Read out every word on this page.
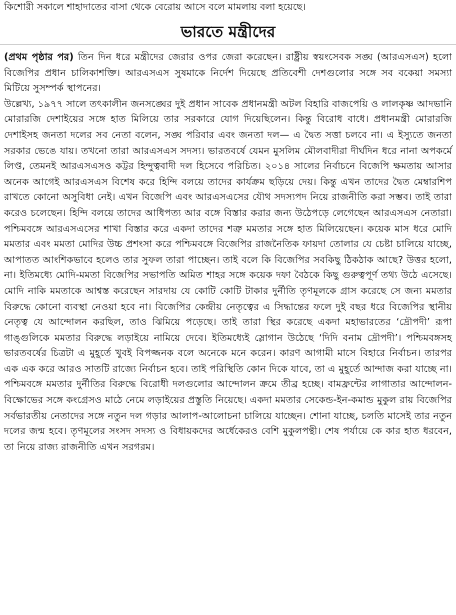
কিশোরী সকালে শাহাদাতের বাসা থেকে বেরোয় আসে বলে মামলায় বলা হয়েছে।
ভারতে মন্ত্রীদের

(প্রথম পৃষ্ঠার পর) তিন দিন ধরে মন্ত্রীদের জেরার ওপর জেরা করেছেন। রাষ্ট্রীয় স্বয়ংসেবক সঙ্ঘ (আরএসএস) হলো বিজেপির প্রধান চালিকাশক্তি। আরএসএস সুষমাকে নির্দেশ দিয়েছে প্রতিবেশী দেশগুলোর সঙ্গে সব বকেয়া সমস্যা মিটিয়ে সুসম্পর্ক স্থাপনের।

উল্লেখ্য, ১৯৭৭ সালে তৎকালীন জনসঙ্ঘের দুই প্রধান সাবেক প্রধানমন্ত্রী অটল বিহারি বাজপেয়ি ও লালকৃষ্ণ আদভানি মোরারজি দেশাইয়ের সঙ্গে হাত মিলিয়ে তার সরকারে যোগ দিয়েছিলেন। কিন্তু বিরোধ বাধে। প্রধানমন্ত্রী মোরারজি দেশাইসহ জনতা দলের সব নেতা বলেন, সঙ্ঘ পরিবার এবং জনতা দল— এ দ্বৈত সত্তা চলবে না। এ ইস্যুতে জনতা সরকার ভেঙে যায়। তখনো তারা আরএসএস সদস্য। ভারতবর্ষে যেমন মুসলিম মৌলবাদীরা দীর্ঘদিন ধরে নানা অপকর্মে লিপ্ত, তেমনই আরএসএসও কট্টর হিন্দুত্ববাদী দল হিসেবে পরিচিত। ২০১৪ সালের নির্বাচনে বিজেপি ক্ষমতায় আসার অনেক আগেই আরএসএস বিশেষ করে হিন্দি বলয়ে তাদের কার্যক্রম ছড়িয়ে দেয়। কিন্তু এখন তাদের দ্বৈত মেম্বারশিপ রাখতে কোনো অসুবিধা নেই। এখন বিজেপি এবং আরএসএসের যৌথ সদস্যপদ নিয়ে রাজনীতি করা সম্ভব। তাই তারা করেও চলেছেন। হিন্দি বলয়ে তাদের আধিপত্য আর বঙ্গে বিস্তার করার জন্য উঠেপড়ে লেগেছেন আরএসএস নেতারা। পশ্চিমবঙ্গে আরএসএসের শাখা বিস্তার করে একদা তাদের শত্রু মমতার সঙ্গে হাত মিলিয়েছেন। কয়েক মাস ধরে মোদি মমতার এবং মমতা মোদির উচ্চ প্রশংসা করে পশ্চিমবঙ্গে বিজেপির রাজনৈতিক ফায়দা তোলার যে চেষ্টা চালিয়ে যাচ্ছে, আপাতত আংশিকভাবে হলেও তার সুফল তারা পাচ্ছেন। তাই বলে কি বিজেপির সবকিছু ঠিকঠাক আছে? উত্তর হলো, না। ইতিমধ্যে মোদি-মমতা বিজেপির সভাপতি অমিত শাহর সঙ্গে কয়েক দফা বৈঠকে কিছু গুরুত্বপূর্ণ তথ্য উঠে এসেছে। মোদি নাকি মমতাকে আশ্বস্ত করেছেন সারদায় যে কোটি কোটি টাকার দুর্নীতি তৃণমূলকে গ্রাস করেছে সে জন্য মমতার বিরুদ্ধে কোনো ব্যবস্থা নেওয়া হবে না। বিজেপির কেন্দ্রীয় নেতৃত্বের এ সিদ্ধান্তের ফলে দুই বছর ধরে বিজেপির স্থানীয় নেতৃত্ব যে আন্দোলন করছিল, তাও ঝিমিয়ে পড়েছে। তাই তারা স্থির করেছে একদা মহাভারতের ‘দ্রৌপদী’ রূপা গাঙ্গুলিকে মমতার বিরুদ্ধে লড়াইয়ে নামিয়ে দেবে। ইতিমধ্যেই স্লোগান উঠেছে ‘দিদি বনাম দ্রৌপদী’। পশ্চিমবঙ্গসহ ভারতবর্ষের চিত্রটা এ মুহূর্তে খুবই বিপজ্জনক বলে অনেকে মনে করেন। কারণ আগামী মাসে বিহারে নির্বাচন। তারপর এক এক করে আরও সাতটি রাজ্যে নির্বাচন হবে। তাই পরিস্থিতি কোন দিকে যাবে, তা এ মুহূর্তে আন্দাজ করা যাচ্ছে না। পশ্চিমবঙ্গে মমতার দুর্নীতির বিরুদ্ধে বিরোধী দলগুলোর আন্দোলন ক্রমে তীব্র হচ্ছে। বামফ্রন্টের লাগাতার আন্দোলন-বিক্ষোভের সঙ্গে কংগ্রেসও মাঠে নেমে লড়াইয়ের প্রস্তুতি নিয়েছে। একদা মমতার সেকেন্ড-ইন-কমান্ড মুকুল রায় বিজেপির সর্বভারতীয় নেতাদের সঙ্গে নতুন দল গড়ার আলাপ-আলোচনা চালিয়ে যাচ্ছেন। শোনা যাচ্ছে, চলতি মাসেই তার নতুন দলের জন্ম হবে। তৃণমূলের সংসদ সদস্য ও বিধায়কদের অর্ধেকেরও বেশি মুকুলপন্থী। শেষ পর্যায়ে কে কার হাত ধরবেন, তা নিয়ে রাজ্য রাজনীতি এখন সরগরম।
